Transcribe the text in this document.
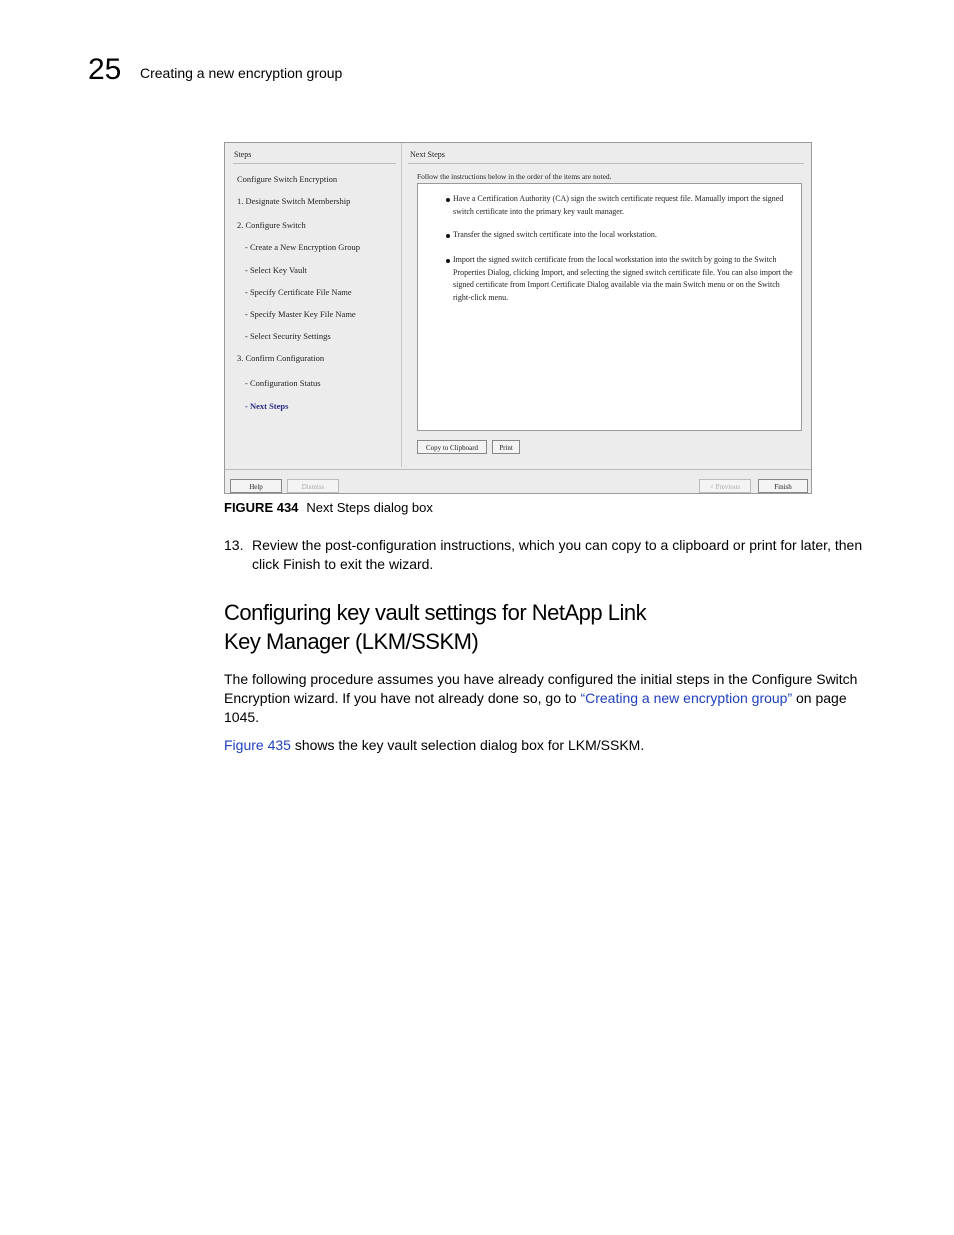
25 Creating a new encryption group
Steps
Configure Switch Encryption
1. Designate Switch Membership
2. Configure Switch
- Create a New Encryption Group
- Select Key Vault
- Specify Certificate File Name
- Specify Master Key File Name
- Select Security Settings
3. Confirm Configuration
- Configuration Status
- Next Steps
Next Steps
Follow the instructions below in the order of the items are noted.
Have a Certification Authority (CA) sign the switch certificate request file. Manually import the signed switch certificate into the primary key vault manager.
Transfer the signed switch certificate into the local workstation.
Import the signed switch certificate from the local workstation into the switch by going to the Switch Properties Dialog, clicking Import, and selecting the signed switch certificate file. You can also import the signed certificate from Import Certificate Dialog available via the main Switch menu or on the Switch right-click menu.
Copy to Clipboard	Print
Help	Dismiss	< Previous	Finish
FIGURE 434 Next Steps dialog box
13. Review the post-configuration instructions, which you can copy to a clipboard or print for later, then click Finish to exit the wizard.
Configuring key vault settings for NetApp Link
Key Manager (LKM/SSKM)
The following procedure assumes you have already configured the initial steps in the Configure Switch Encryption wizard. If you have not already done so, go to “Creating a new encryption group” on page 1045.
Figure 435 shows the key vault selection dialog box for LKM/SSKM.
